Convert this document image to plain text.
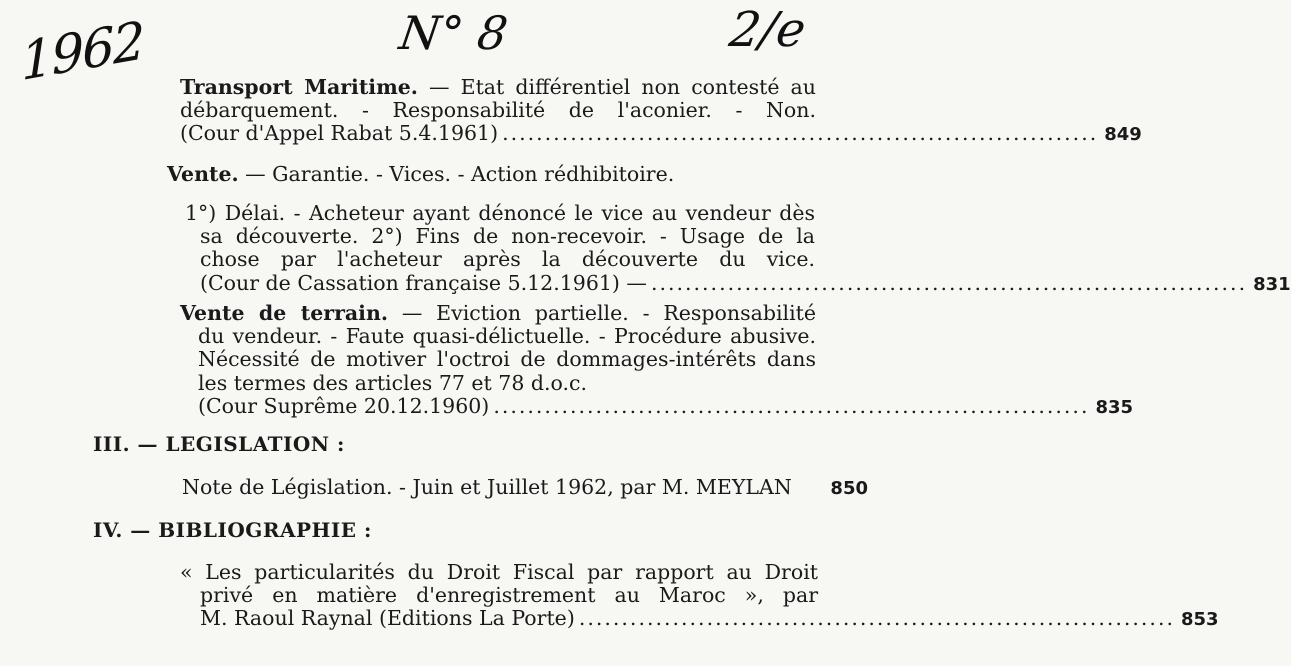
1962	N° 8	2/e
Transport Maritime. — Etat différentiel non contesté au
débarquement. - Responsabilité de l'aconier. - Non.
(Cour d'Appel Rabat 5.4.1961) ...................................................................... 849
Vente.
— Garantie. - Vices. - Action rédhibitoire.
1°) Délai. - Acheteur ayant dénoncé le vice au vendeur dès
sa découverte. 2°) Fins de non-recevoir. - Usage de la
chose par l'acheteur après la découverte du vice.
(Cour de Cassation française 5.12.1961) — ...................................................................... 831
Vente de terrain. — Eviction partielle. - Responsabilité
du vendeur. - Faute quasi-délictuelle. - Procédure abusive.
Nécessité de motiver l'octroi de dommages-intérêts dans
les termes des articles 77 et 78 d.o.c.
(Cour Suprême 20.12.1960) ...................................................................... 835
III. — LEGISLATION :
Note de Législation. - Juin et Juillet 1962, par M. MEYLAN 850
IV. — BIBLIOGRAPHIE :
« Les particularités du Droit Fiscal par rapport au Droit
privé en matière d'enregistrement au Maroc », par
M. Raoul Raynal (Editions La Porte) ...................................................................... 853
